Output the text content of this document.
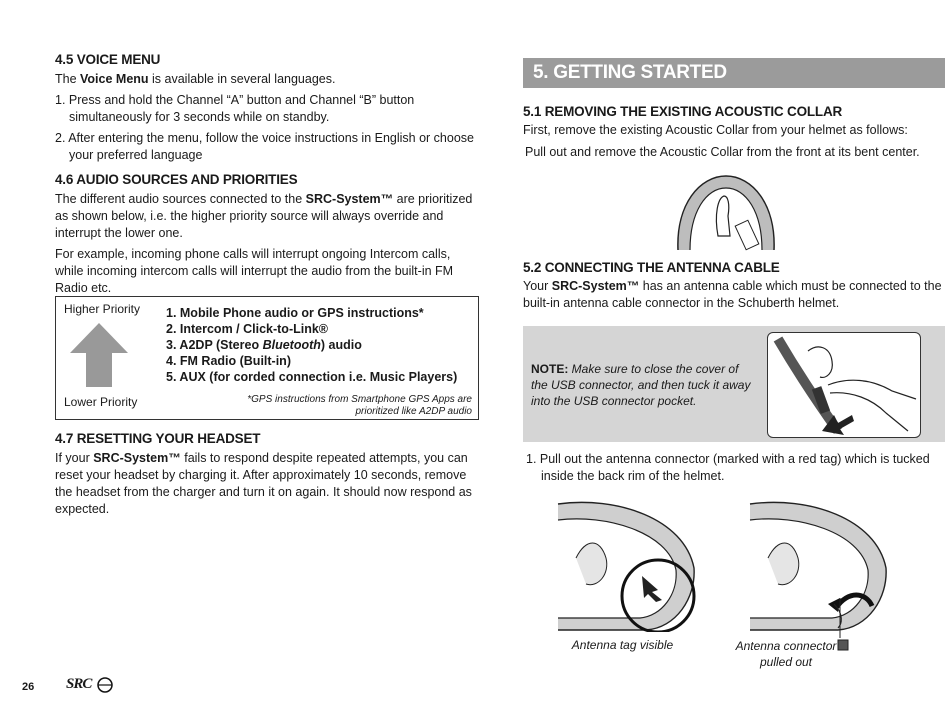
4.5 VOICE MENU

The Voice Menu is available in several languages.

1. Press and hold the Channel “A” button and Channel “B” button simultaneously for 3 seconds while on standby.

2. After entering the menu, follow the voice instructions in English or choose your preferred language

4.6 AUDIO SOURCES AND PRIORITIES

The different audio sources connected to the SRC-System™ are prioritized as shown below, i.e. the higher priority source will always override and interrupt the lower one.

For example, incoming phone calls will interrupt ongoing Intercom calls, while incoming intercom calls will interrupt the audio from the built-in FM Radio etc.

Higher Priority
Lower Priority
1. Mobile Phone audio or GPS instructions*
2. Intercom / Click-to-Link®
3. A2DP (Stereo Bluetooth) audio
4. FM Radio (Built-in)
5. AUX (for corded connection i.e. Music Players)
*GPS instructions from Smartphone GPS Apps are
prioritized like A2DP audio
4.7 RESETTING YOUR HEADSET

If your SRC-System™ fails to respond despite repeated attempts, you can reset your headset by charging it. After approximately 10 seconds, remove the headset from the charger and turn it on again. It should now respond as expected.

5. GETTING STARTED
5.1 REMOVING THE EXISTING ACOUSTIC COLLAR

First, remove the existing Acoustic Collar from your helmet as follows:

Pull out and remove the Acoustic Collar from the front at its bent center.

5.2 CONNECTING THE ANTENNA CABLE

Your SRC-System™ has an antenna cable which must be connected to the built-in antenna cable connector in the Schuberth helmet.

NOTE: Make sure to close the cover of the USB connector, and then tuck it away into the USB connector pocket.

1. Pull out the antenna connector (marked with a red tag) which is tucked inside the back rim of the helmet.

Antenna tag visible	Antenna connector
pulled out
26 SRC
